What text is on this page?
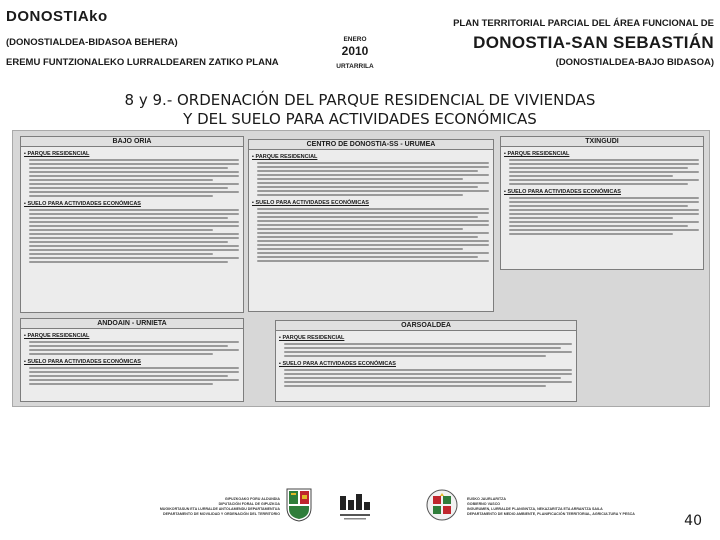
DONOSTIAko
(DONOSTIALDEA-BIDASOA BEHERA)
EREMU FUNTZIONALEKO LURRALDEAREN ZATIKO PLANA
ENERO
2010
URTARRILA
PLAN TERRITORIAL PARCIAL DEL ÁREA FUNCIONAL DE
DONOSTIA-SAN SEBASTIÁN
(DONOSTIALDEA-BAJO BIDASOA)
8 y 9.- ORDENACIÓN DEL PARQUE RESIDENCIAL DE VIVIENDAS
Y DEL SUELO PARA ACTIVIDADES ECONÓMICAS
BAJO ORIA
▪ PARQUE RESIDENCIAL
▪ SUELO PARA ACTIVIDADES ECONÓMICAS
CENTRO DE DONOSTIA-SS - URUMEA
▪ PARQUE RESIDENCIAL
▪ SUELO PARA ACTIVIDADES ECONÓMICAS
TXINGUDI
▪ PARQUE RESIDENCIAL
▪ SUELO PARA ACTIVIDADES ECONÓMICAS
ANDOAIN - URNIETA
▪ PARQUE RESIDENCIAL
▪ SUELO PARA ACTIVIDADES ECONÓMICAS
OARSOALDEA
▪ PARQUE RESIDENCIAL
▪ SUELO PARA ACTIVIDADES ECONÓMICAS
GIPUZKOAKO FORU ALDUNDIA
DIPUTACIÓN FORAL DE GIPUZKOA
MUGIKORTASUN ETA LURRALDE ANTOLAMENDU DEPARTAMENTUA
DEPARTAMENTO DE MOVILIDAD Y ORDENACIÓN DEL TERRITORIO
EUSKO JAURLARITZA
GOBIERNO VASCO
INGURUMEN, LURRALDE PLANGINTZA, NEKAZARITZA ETA ARRANTZA SAILA
DEPARTAMENTO DE MEDIO AMBIENTE, PLANIFICACIÓN TERRITORIAL, AGRICULTURA Y PESCA	40
